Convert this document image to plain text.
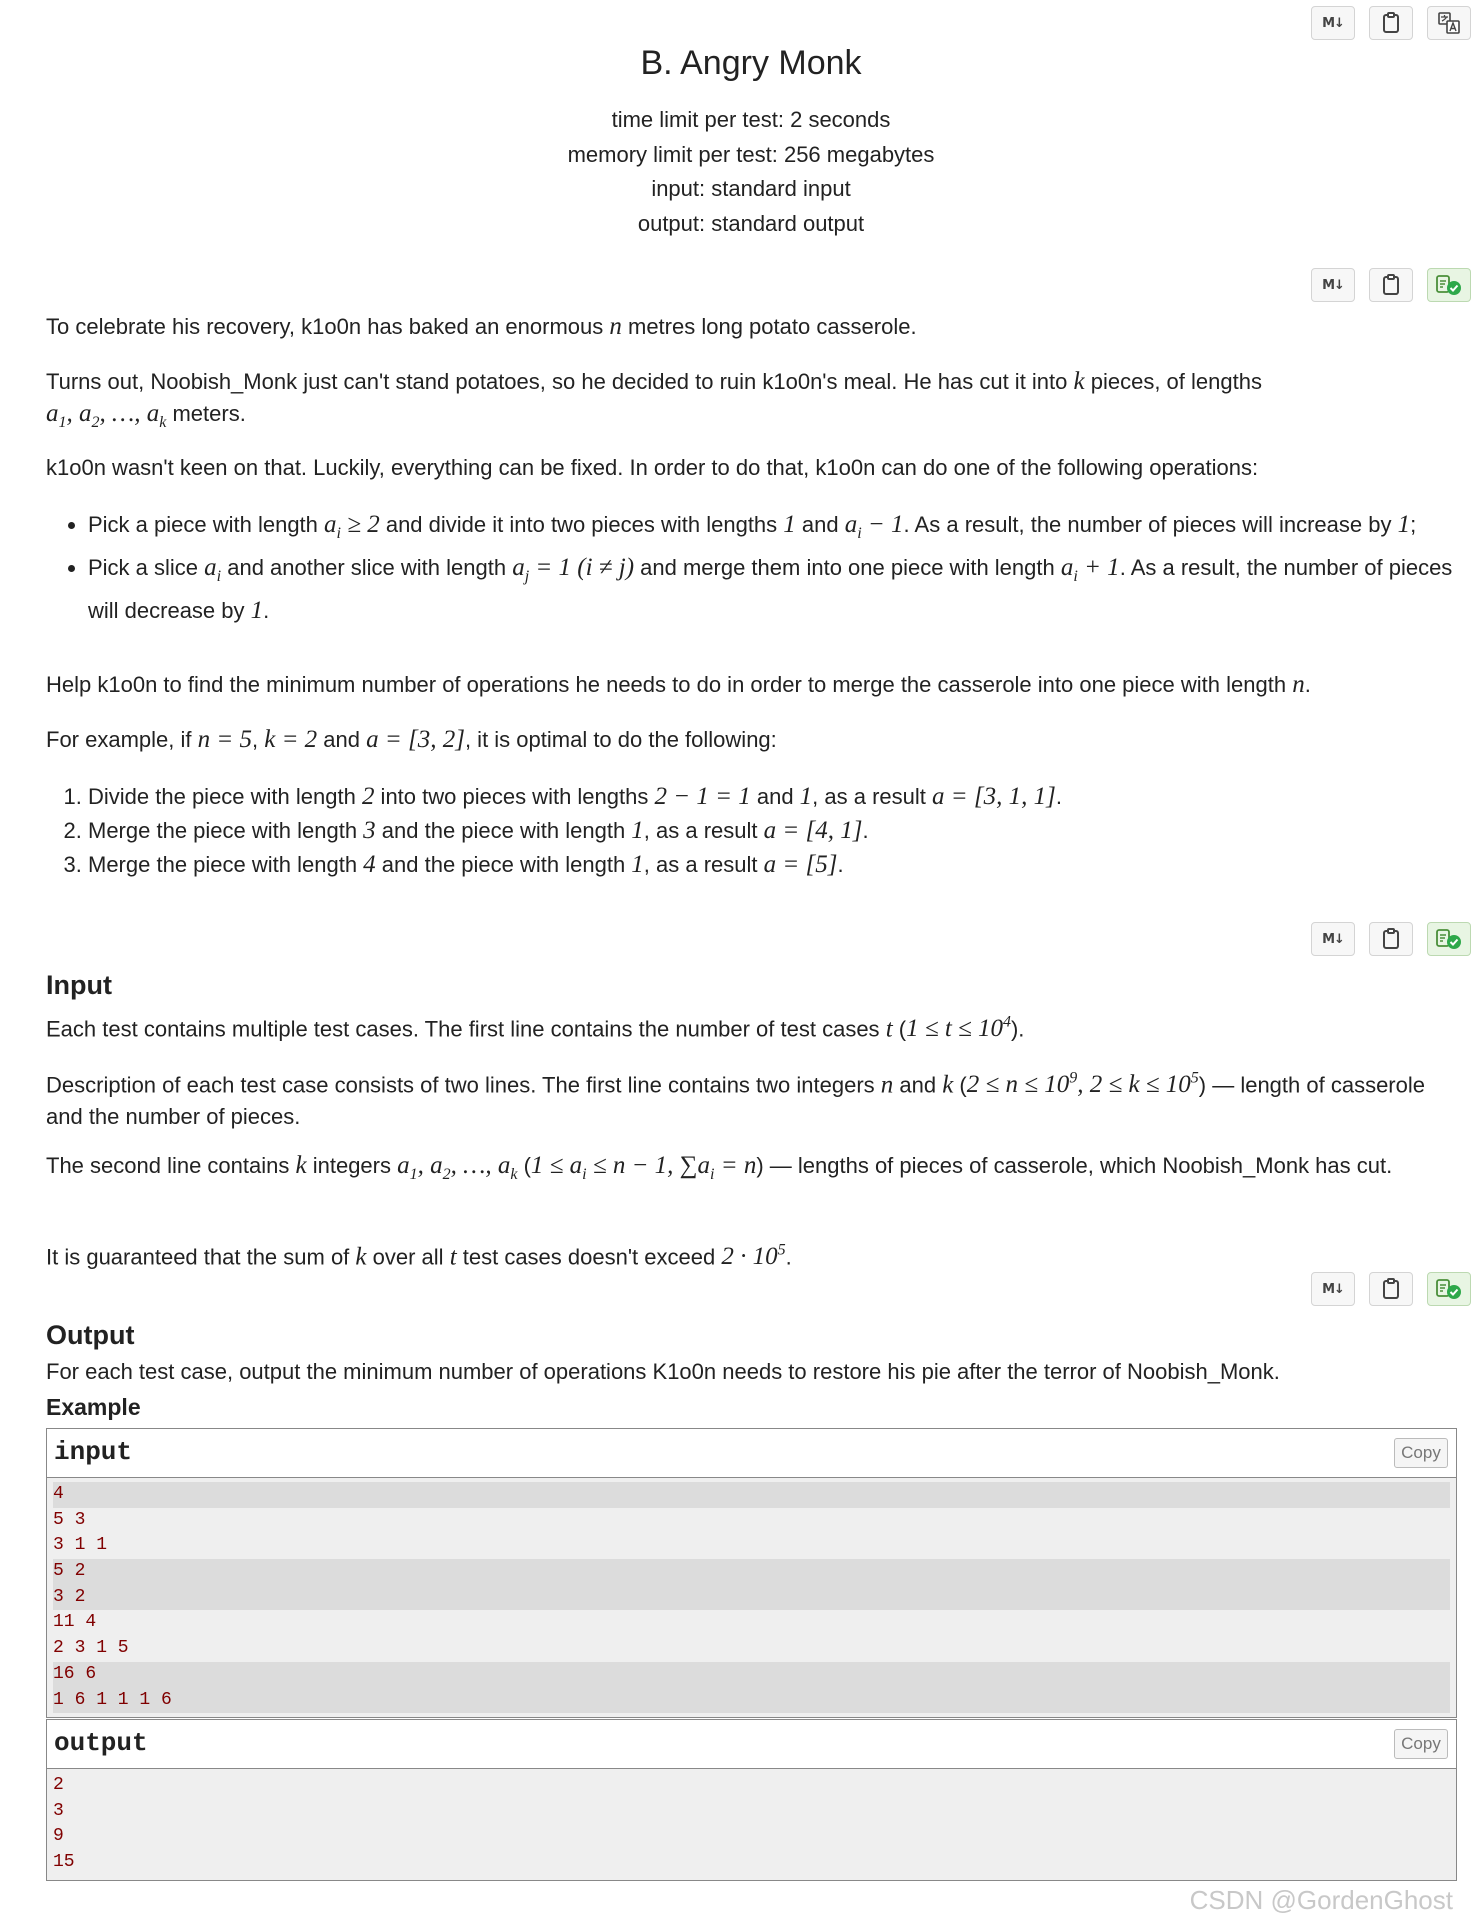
M↓
B. Angry Monk
time limit per test: 2 seconds
memory limit per test: 256 megabytes
input: standard input
output: standard output
M↓
To celebrate his recovery, k1o0n has baked an enormous n metres long potato casserole.
Turns out, Noobish_Monk just can't stand potatoes, so he decided to ruin k1o0n's meal. He has cut it into k pieces, of lengths
$a_1$, $a_2$, …, $a_k$ meters.
k1o0n wasn't keen on that. Luckily, everything can be fixed. In order to do that, k1o0n can do one of the following operations:
• Pick a piece with length $a_i \ge 2$ and divide it into two pieces with lengths 1 and $a_i - 1$. As a result, the number of pieces will increase by 1;
• Pick a slice $a_i$ and another slice with length $a_j = 1$ (i ≠ j) and merge them into one piece with length $a_i + 1$. As a result, the number of pieces will decrease by 1.
Help k1o0n to find the minimum number of operations he needs to do in order to merge the casserole into one piece with length n.
For example, if n = 5, k = 2 and a = [3, 2], it is optimal to do the following:
1. Divide the piece with length 2 into two pieces with lengths 2 − 1 = 1 and 1, as a result a = [3, 1, 1].
2. Merge the piece with length 3 and the piece with length 1, as a result a = [4, 1].
3. Merge the piece with length 4 and the piece with length 1, as a result a = [5].
M↓
Input
Each test contains multiple test cases. The first line contains the number of test cases t $(1 \le t \le 10^4)$.
Description of each test case consists of two lines. The first line contains two integers n and k ($2 \le n \le 10^9$, $2 \le k \le 10^5$) — length of casserole and the number of pieces.
The second line contains k integers $a_1$, $a_2$, …, $a_k$ ($1 \le a_i \le n - 1$, $\sum a_i = n$) — lengths of pieces of casserole, which Noobish_Monk has cut.
It is guaranteed that the sum of k over all t test cases doesn't exceed $2 \cdot 10^5$.
M↓
Output
For each test case, output the minimum number of operations K1o0n needs to restore his pie after the terror of Noobish_Monk.
Example
input	Copy
4
5 3
3 1 1
5 2
3 2
11 4
2 3 1 5
16 6
1 6 1 1 1 6
output	Copy
2
3
9
15
CSDN @GordenGhost
